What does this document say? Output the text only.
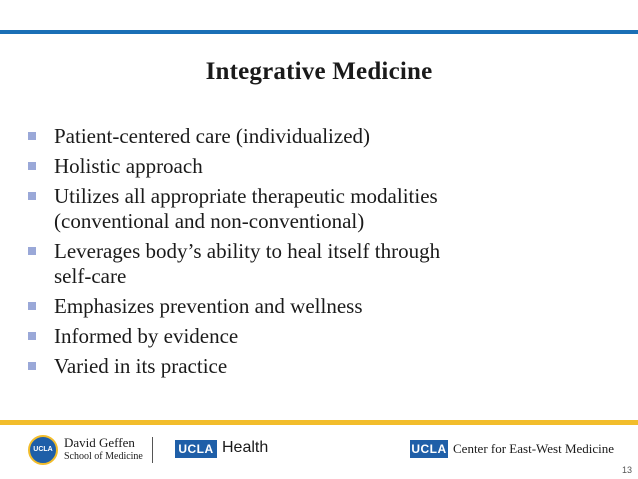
Integrative Medicine
Patient-centered care (individualized)
Holistic approach
Utilizes all appropriate therapeutic modalities
(conventional and non-conventional)
Leverages body’s ability to heal itself through
self-care
Emphasizes prevention and wellness
Informed by evidence
Varied in its practice
UCLA David Geffen
School of Medicine
UCLA Health	UCLA Center for East-West Medicine
13
